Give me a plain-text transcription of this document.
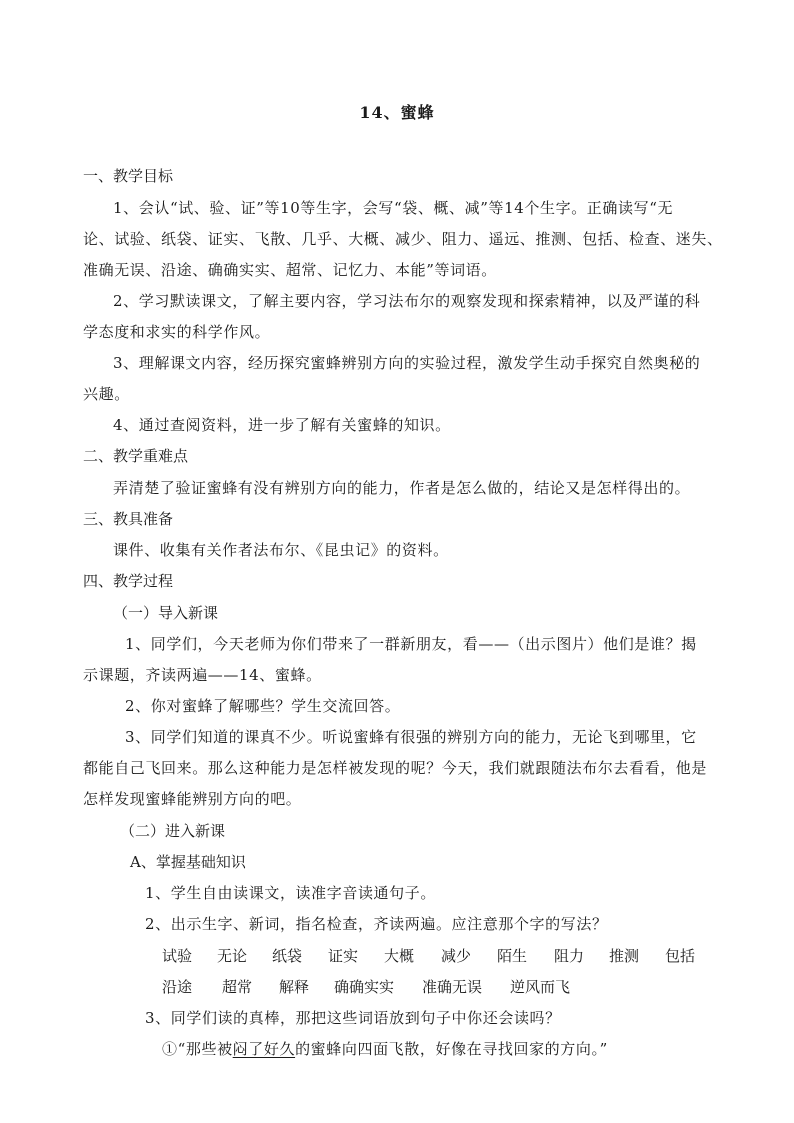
14、蜜蜂
一、教学目标
1、会认“试、验、证”等10等生字，会写“袋、概、减”等14个生字。正确读写“无
论、试验、纸袋、证实、飞散、几乎、大概、减少、阻力、遥远、推测、包括、检查、迷失、
准确无误、沿途、确确实实、超常、记忆力、本能”等词语。
2、学习默读课文，了解主要内容，学习法布尔的观察发现和探索精神，以及严谨的科
学态度和求实的科学作风。
3、理解课文内容，经历探究蜜蜂辨别方向的实验过程，激发学生动手探究自然奥秘的
兴趣。
4、通过查阅资料，进一步了解有关蜜蜂的知识。
二、教学重难点
弄清楚了验证蜜蜂有没有辨别方向的能力，作者是怎么做的，结论又是怎样得出的。
三、教具准备
课件、收集有关作者法布尔、《昆虫记》的资料。
四、教学过程
（一）导入新课
1、同学们，今天老师为你们带来了一群新朋友，看——（出示图片）他们是谁？揭
示课题，齐读两遍——14、蜜蜂。
2、你对蜜蜂了解哪些？学生交流回答。
3、同学们知道的课真不少。听说蜜蜂有很强的辨别方向的能力，无论飞到哪里，它
都能自己飞回来。那么这种能力是怎样被发现的呢？今天，我们就跟随法布尔去看看，他是
怎样发现蜜蜂能辨别方向的吧。
（二）进入新课
A、掌握基础知识
1、学生自由读课文，读准字音读通句子。
2、出示生字、新词，指名检查，齐读两遍。应注意那个字的写法？
试验 无论 纸袋 证实 大概 减少 陌生 阻力 推测 包括
沿途 超常 解释 确确实实 准确无误 逆风而飞
3、同学们读的真棒，那把这些词语放到句子中你还会读吗？
①“那些被闷了好久的蜜蜂向四面飞散，好像在寻找回家的方向。”
